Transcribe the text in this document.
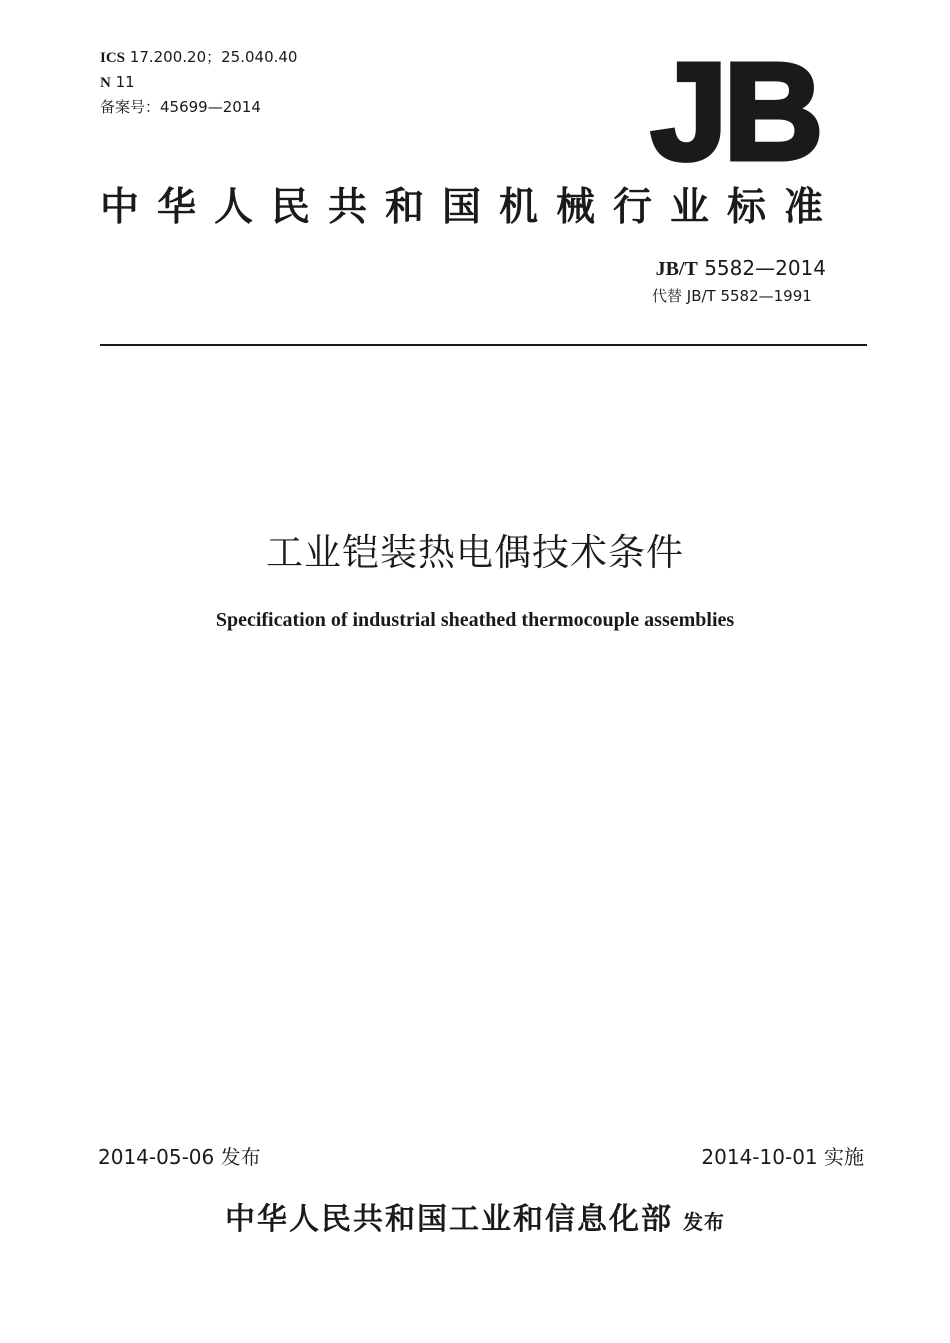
ICS 17.200.20；25.040.40
N 11
备案号：45699—2014	JB
中华人民共和国机械行业标准
JB/T 5582—2014
代替 JB/T 5582—1991
工业铠装热电偶技术条件
Specification of industrial sheathed thermocouple assemblies
2014-05-06 发布	2014-10-01 实施
中华人民共和国工业和信息化部 发布
